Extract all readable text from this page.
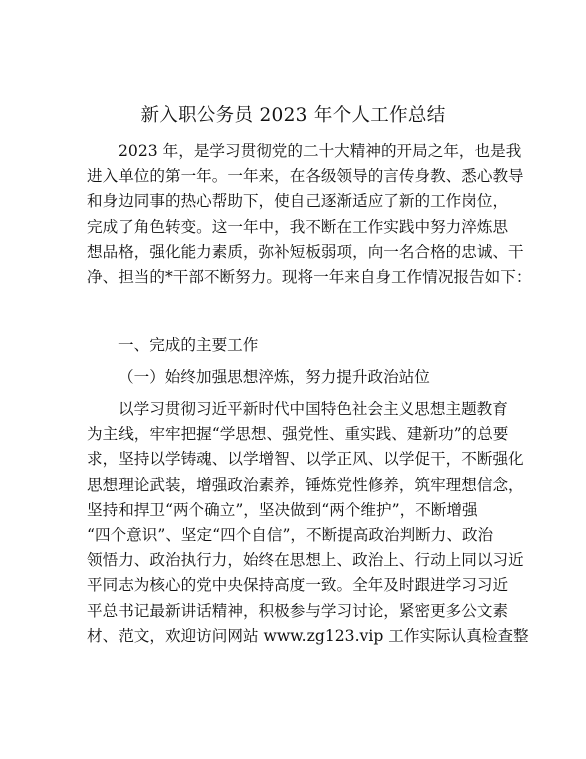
新入职公务员 2023 年个人工作总结
2023 年，是学习贯彻党的二十大精神的开局之年，也是我
进入单位的第一年。一年来，在各级领导的言传身教、悉心教导
和身边同事的热心帮助下，使自己逐渐适应了新的工作岗位，
完成了角色转变。这一年中，我不断在工作实践中努力淬炼思
想品格，强化能力素质，弥补短板弱项，向一名合格的忠诚、干
净、担当的*干部不断努力。现将一年来自身工作情况报告如下：
一、完成的主要工作
（一）始终加强思想淬炼，努力提升政治站位
以学习贯彻习近平新时代中国特色社会主义思想主题教育
为主线，牢牢把握“学思想、强党性、重实践、建新功”的总要
求，坚持以学铸魂、以学增智、以学正风、以学促干，不断强化
思想理论武装，增强政治素养，锤炼党性修养，筑牢理想信念，
坚持和捍卫“两个确立”，坚决做到“两个维护”，不断增强
“四个意识”、坚定“四个自信”，不断提高政治判断力、政治
领悟力、政治执行力，始终在思想上、政治上、行动上同以习近
平同志为核心的党中央保持高度一致。全年及时跟进学习习近
平总书记最新讲话精神，积极参与学习讨论，紧密更多公文素
材、范文，欢迎访问网站 www.zg123.vip 工作实际认真检查整
